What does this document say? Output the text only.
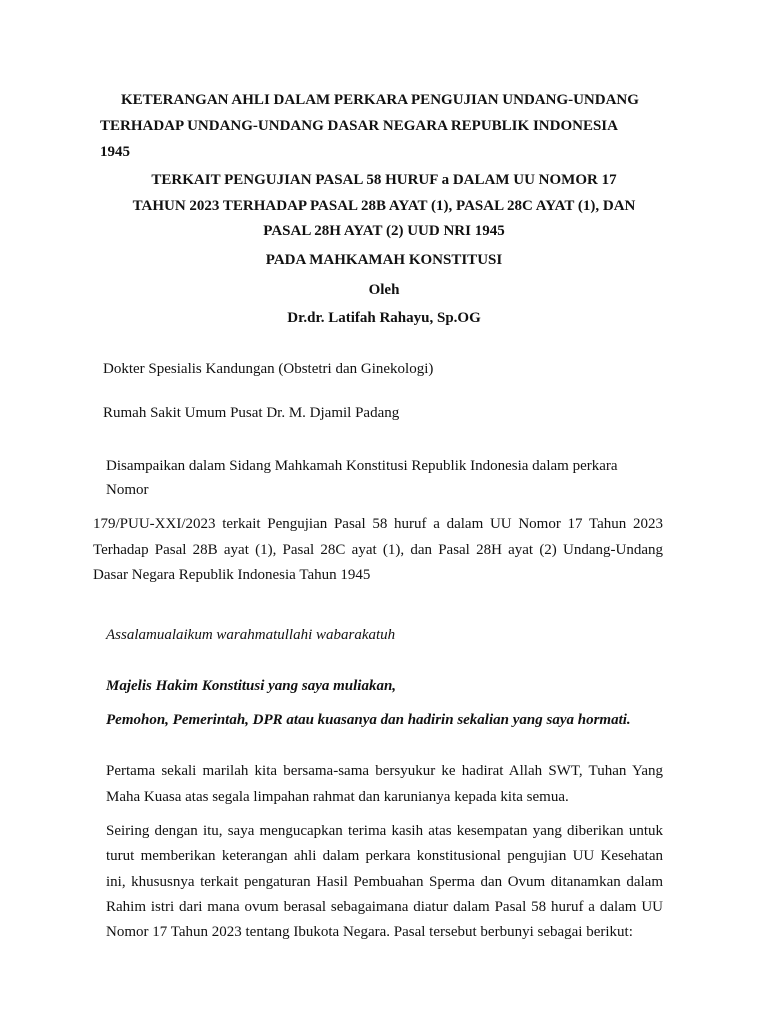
KETERANGAN AHLI DALAM PERKARA PENGUJIAN UNDANG-UNDANG
TERHADAP UNDANG-UNDANG DASAR NEGARA REPUBLIK INDONESIA
1945
TERKAIT PENGUJIAN PASAL 58 HURUF a DALAM UU NOMOR 17
TAHUN 2023 TERHADAP PASAL 28B AYAT (1), PASAL 28C AYAT (1), DAN
PASAL 28H AYAT (2) UUD NRI 1945
PADA MAHKAMAH KONSTITUSI
Oleh
Dr.dr. Latifah Rahayu, Sp.OG
Dokter Spesialis Kandungan (Obstetri dan Ginekologi)
Rumah Sakit Umum Pusat Dr. M. Djamil Padang
Disampaikan dalam Sidang Mahkamah Konstitusi Republik Indonesia dalam perkara
Nomor
179/PUU-XXI/2023 terkait Pengujian Pasal 58 huruf a dalam UU Nomor 17 Tahun 2023
Terhadap Pasal 28B ayat (1), Pasal 28C ayat (1), dan Pasal 28H ayat (2) Undang-Undang
Dasar Negara Republik Indonesia Tahun 1945
Assalamualaikum warahmatullahi wabarakatuh
Majelis Hakim Konstitusi yang saya muliakan,
Pemohon, Pemerintah, DPR atau kuasanya dan hadirin sekalian yang saya hormati.
Pertama sekali marilah kita bersama-sama bersyukur ke hadirat Allah SWT, Tuhan Yang
Maha Kuasa atas segala limpahan rahmat dan karunianya kepada kita semua.
Seiring dengan itu, saya mengucapkan terima kasih atas kesempatan yang diberikan untuk
turut memberikan keterangan ahli dalam perkara konstitusional pengujian UU Kesehatan
ini, khususnya terkait pengaturan Hasil Pembuahan Sperma dan Ovum ditanamkan dalam
Rahim istri dari mana ovum berasal sebagaimana diatur dalam Pasal 58 huruf a dalam UU
Nomor 17 Tahun 2023 tentang Ibukota Negara. Pasal tersebut berbunyi sebagai berikut:
